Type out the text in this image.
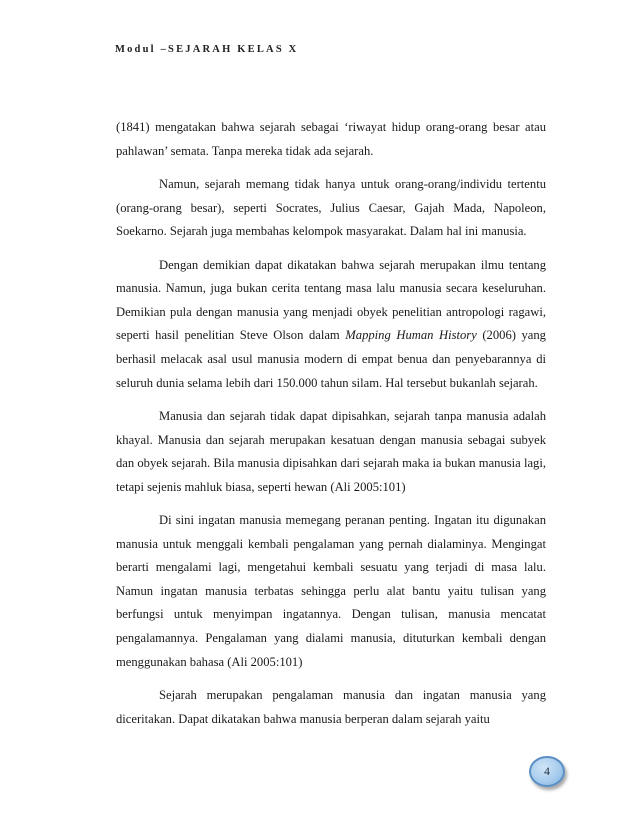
Modul –SEJARAH KELAS X

(1841) mengatakan bahwa sejarah sebagai ‘riwayat hidup orang-orang besar atau pahlawan’ semata. Tanpa mereka tidak ada sejarah.

Namun, sejarah memang tidak hanya untuk orang-orang/individu tertentu (orang-orang besar), seperti Socrates, Julius Caesar, Gajah Mada, Napoleon, Soekarno. Sejarah juga membahas kelompok masyarakat. Dalam hal ini manusia.

Dengan demikian dapat dikatakan bahwa sejarah merupakan ilmu tentang manusia. Namun, juga bukan cerita tentang masa lalu manusia secara keseluruhan. Demikian pula dengan manusia yang menjadi obyek penelitian antropologi ragawi, seperti hasil penelitian Steve Olson dalam Mapping Human History (2006) yang berhasil melacak asal usul manusia modern di empat benua dan penyebarannya di seluruh dunia selama lebih dari 150.000 tahun silam. Hal tersebut bukanlah sejarah.

Manusia dan sejarah tidak dapat dipisahkan, sejarah tanpa manusia adalah khayal. Manusia dan sejarah merupakan kesatuan dengan manusia sebagai subyek dan obyek sejarah. Bila manusia dipisahkan dari sejarah maka ia bukan manusia lagi, tetapi sejenis mahluk biasa, seperti hewan (Ali 2005:101)

Di sini ingatan manusia memegang peranan penting. Ingatan itu digunakan manusia untuk menggali kembali pengalaman yang pernah dialaminya. Mengingat berarti mengalami lagi, mengetahui kembali sesuatu yang terjadi di masa lalu. Namun ingatan manusia terbatas sehingga perlu alat bantu yaitu tulisan yang berfungsi untuk menyimpan ingatannya. Dengan tulisan, manusia mencatat pengalamannya. Pengalaman yang dialami manusia, dituturkan kembali dengan menggunakan bahasa (Ali 2005:101)

Sejarah merupakan pengalaman manusia dan ingatan manusia yang diceritakan. Dapat dikatakan bahwa manusia berperan dalam sejarah yaitu

4
